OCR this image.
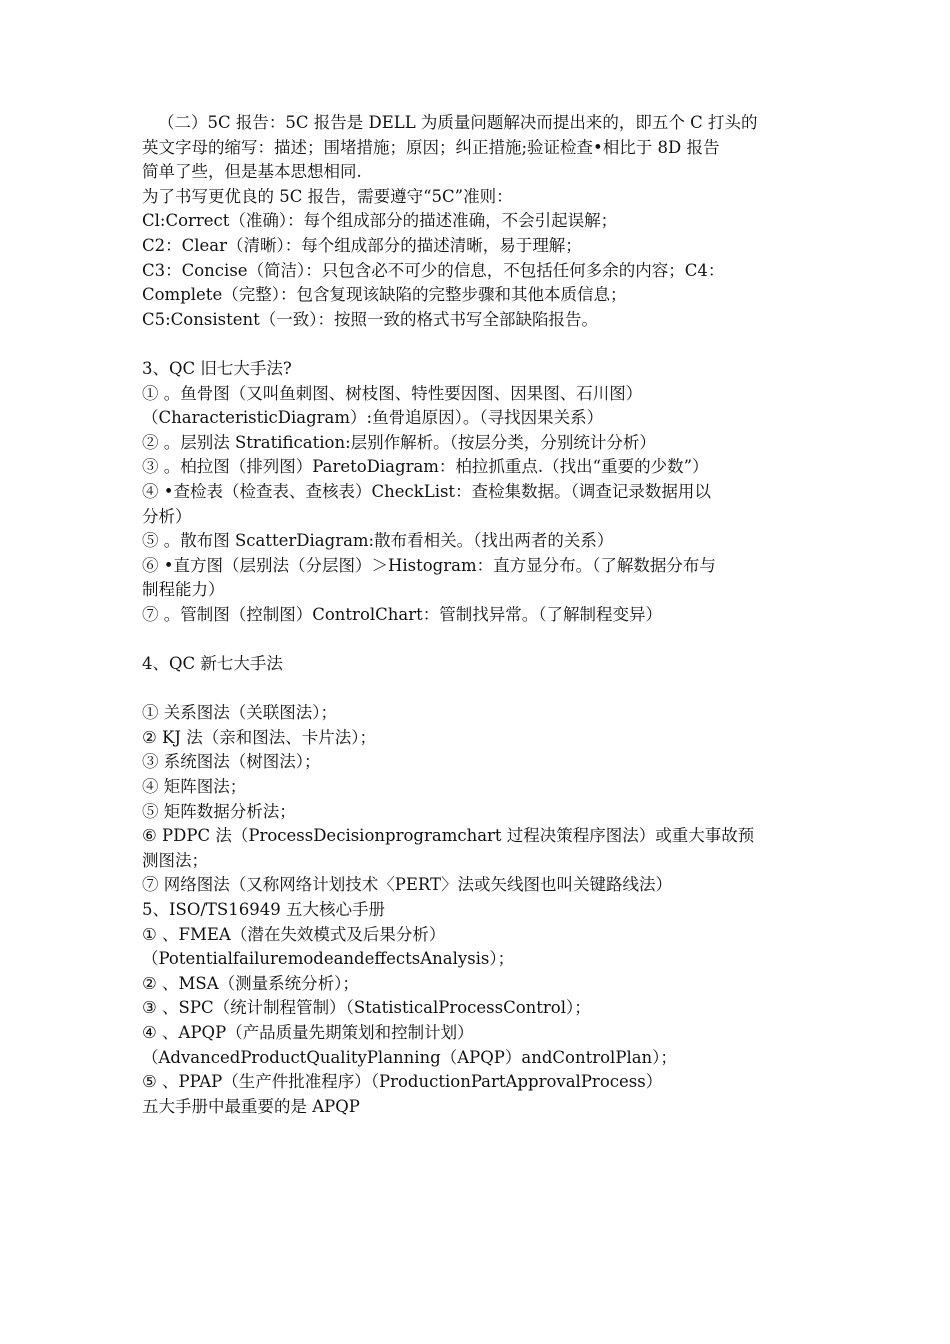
（二）5C 报告：5C 报告是 DELL 为质量问题解决而提出来的，即五个 C 打头的
英文字母的缩写：描述；围堵措施；原因；纠正措施;验证检查•相比于 8D 报告
简单了些，但是基本思想相同.
为了书写更优良的 5C 报告，需要遵守“5C”准则：
Cl:Correct（准确）：每个组成部分的描述准确，不会引起误解；
C2：Clear（清晰）：每个组成部分的描述清晰，易于理解；
C3：Concise（简洁）：只包含必不可少的信息，不包括任何多余的内容；C4：
Complete（完整）：包含复现该缺陷的完整步骤和其他本质信息；
C5:Consistent（一致）：按照一致的格式书写全部缺陷报告。
3、QC 旧七大手法?
① 。鱼骨图（又叫鱼刺图、树枝图、特性要因图、因果图、石川图）
（CharacteristicDiagram）:鱼骨追原因）。（寻找因果关系）
② 。层别法 Stratification:层别作解析。（按层分类，分别统计分析）
③ 。柏拉图（排列图）ParetoDiagram：柏拉抓重点.（找出“重要的少数”）
④ •查检表（检查表、查核表）CheckList：查检集数据。（调查记录数据用以
分析）
⑤ 。散布图 ScatterDiagram:散布看相关。（找出两者的关系）
⑥ •直方图（层别法（分层图）＞Histogram：直方显分布。（了解数据分布与
制程能力）
⑦ 。管制图（控制图）ControlChart：管制找异常。（了解制程变异）
4、QC 新七大手法
① 关系图法（关联图法）；
② KJ 法（亲和图法、卡片法）；
③ 系统图法（树图法）；
④ 矩阵图法；
⑤ 矩阵数据分析法；
⑥ PDPC 法（ProcessDecisionprogramchart 过程决策程序图法）或重大事故预
测图法；
⑦ 网络图法（又称网络计划技术〈PERT〉法或矢线图也叫关键路线法）
5、ISO/TS16949 五大核心手册
① 、FMEA（潜在失效模式及后果分析）
（PotentialfailuremodeandeffectsAnalysis）；
② 、MSA（测量系统分析）；
③ 、SPC（统计制程管制）（StatisticalProcessControl）；
④ 、APQP（产品质量先期策划和控制计划）
（AdvancedProductQualityPlanning（APQP）andControlPlan）；
⑤ 、PPAP（生产件批准程序）（ProductionPartApprovalProcess）
五大手册中最重要的是 APQP
